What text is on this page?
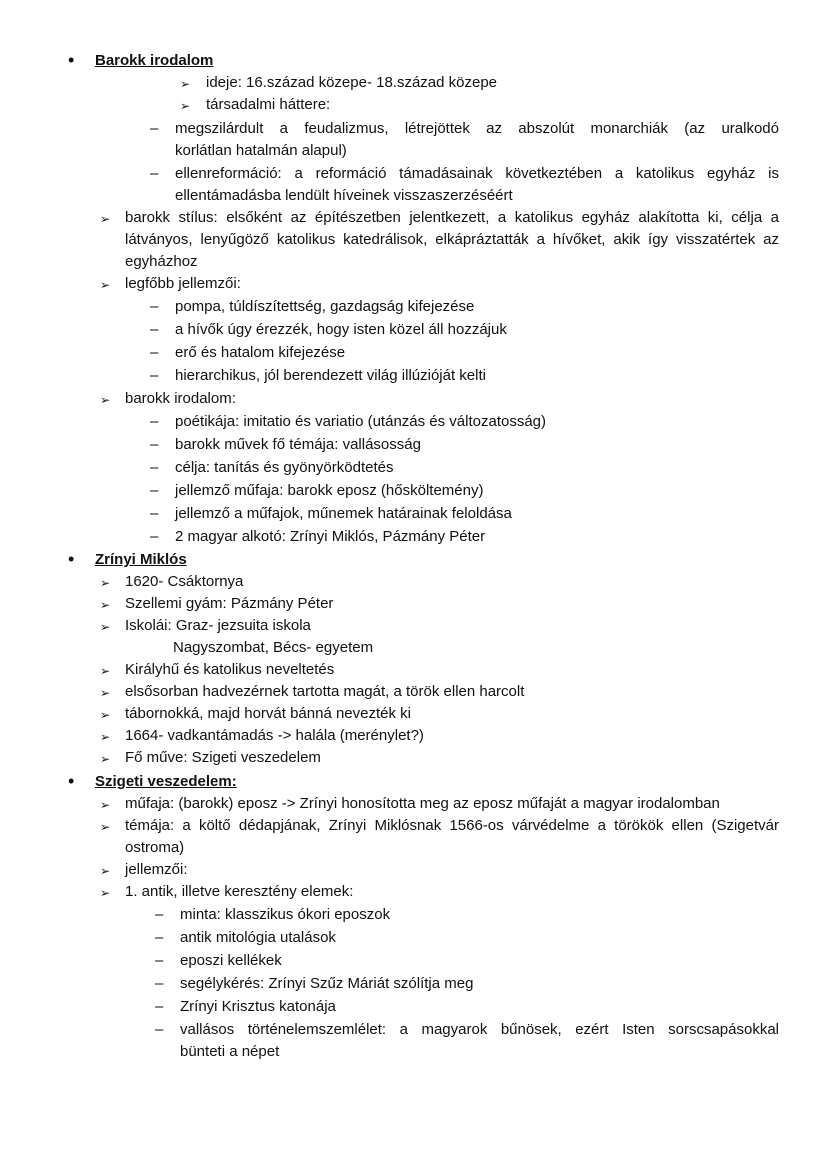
• Barokk irodalom
➢ ideje: 16.század közepe- 18.század közepe
➢ társadalmi háttere:
– megszilárdult a feudalizmus, létrejöttek az abszolút monarchiák (az uralkodó
korlátlan hatalmán alapul)
– ellenreformáció: a reformáció támadásainak következtében a katolikus egyház is
ellentámadásba lendült híveinek visszaszerzéséért
➢ barokk stílus: elsőként az építészetben jelentkezett, a katolikus egyház alakította ki, célja a
látványos, lenyűgöző katolikus katedrálisok, elkápráztatták a hívőket, akik így visszatértek az
egyházhoz
➢ legfőbb jellemzői:
– pompa, túldíszítettség, gazdagság kifejezése
– a hívők úgy érezzék, hogy isten közel áll hozzájuk
– erő és hatalom kifejezése
– hierarchikus, jól berendezett világ illúzióját kelti
➢ barokk irodalom:
– poétikája: imitatio és variatio (utánzás és változatosság)
– barokk művek fő témája: vallásosság
– célja: tanítás és gyönyörködtetés
– jellemző műfaja: barokk eposz (hősköltemény)
– jellemző a műfajok, műnemek határainak feloldása
– 2 magyar alkotó: Zrínyi Miklós, Pázmány Péter
• Zrínyi Miklós
➢ 1620- Csáktornya
➢ Szellemi gyám: Pázmány Péter
➢ Iskolái: Graz- jezsuita iskola
Nagyszombat, Bécs- egyetem
➢ Királyhű és katolikus neveltetés
➢ elsősorban hadvezérnek tartotta magát, a török ellen harcolt
➢ tábornokká, majd horvát bánná nevezték ki
➢ 1664- vadkantámadás -> halála (merénylet?)
➢ Fő műve: Szigeti veszedelem
• Szigeti veszedelem:
➢ műfaja: (barokk) eposz -> Zrínyi honosította meg az eposz műfaját a magyar irodalomban
➢ témája: a költő dédapjának, Zrínyi Miklósnak 1566-os várvédelme a törökök ellen (Szigetvár
ostroma)
➢ jellemzői:
➢ 1. antik, illetve keresztény elemek:
– minta: klasszikus ókori eposzok
– antik mitológia utalások
– eposzi kellékek
– segélykérés: Zrínyi Szűz Máriát szólítja meg
– Zrínyi Krisztus katonája
– vallásos történelemszemlélet: a magyarok bűnösek, ezért Isten sorscsapásokkal
bünteti a népet
